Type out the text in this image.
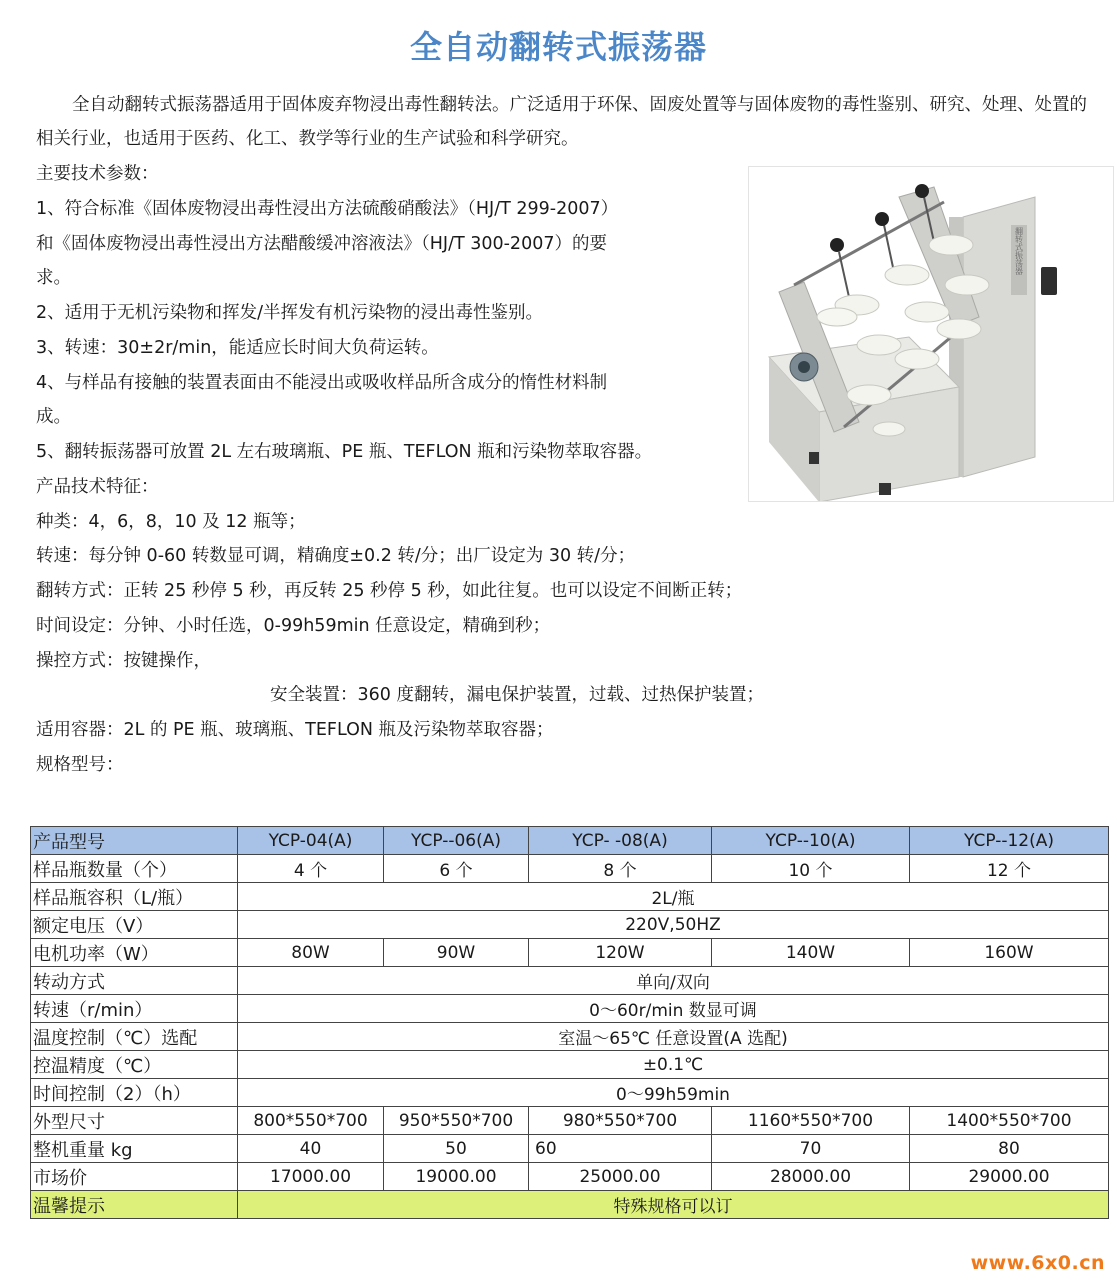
全自动翻转式振荡器
全自动翻转式振荡器适用于固体废弃物浸出毒性翻转法。广泛适用于环保、固废处置等与固体废物的毒性鉴别、研究、处理、处置的相关行业，也适用于医药、化工、教学等行业的生产试验和科学研究。
主要技术参数：
1、符合标准《固体废物浸出毒性浸出方法硫酸硝酸法》（HJ/T 299-2007）
和《固体废物浸出毒性浸出方法醋酸缓冲溶液法》（HJ/T 300-2007）的要
求。
2、适用于无机污染物和挥发/半挥发有机污染物的浸出毒性鉴别。
3、转速：30±2r/min，能适应长时间大负荷运转。
4、与样品有接触的装置表面由不能浸出或吸收样品所含成分的惰性材料制
成。
5、翻转振荡器可放置 2L 左右玻璃瓶、PE 瓶、TEFLON 瓶和污染物萃取容器。
产品技术特征：
种类：4，6，8，10 及 12 瓶等；
转速：每分钟 0-60 转数显可调，精确度±0.2 转/分；出厂设定为 30 转/分；
翻转方式：正转 25 秒停 5 秒，再反转 25 秒停 5 秒，如此往复。也可以设定不间断正转；
时间设定：分钟、小时任选，0-99h59min 任意设定，精确到秒；
操控方式：按键操作，
安全装置：360 度翻转，漏电保护装置，过载、过热保护装置；
适用容器：2L 的 PE 瓶、玻璃瓶、TEFLON 瓶及污染物萃取容器；
规格型号：
翻转式振荡器
产品型号	YCP-04(A)	YCP--06(A)	YCP- -08(A)	YCP--10(A)	YCP--12(A)
样品瓶数量（个）	4 个	6 个	8 个	10 个	12 个
样品瓶容积（L/瓶）	2L/瓶				
额定电压（V）	220V,50HZ				
电机功率（W）	80W	90W	120W	140W	160W
转动方式	单向/双向				
转速（r/min）	0～60r/min 数显可调				
温度控制（℃）选配	室温～65℃ 任意设置(A 选配)				
控温精度（℃）	±0.1℃				
时间控制（2）（h）	0～99h59min				
外型尺寸	800*550*700	950*550*700	980*550*700	1160*550*700	1400*550*700
整机重量 kg	40	50	60	70	80
市场价	17000.00	19000.00	25000.00	28000.00	29000.00
温馨提示	特殊规格可以订				
www.6x0.cn
